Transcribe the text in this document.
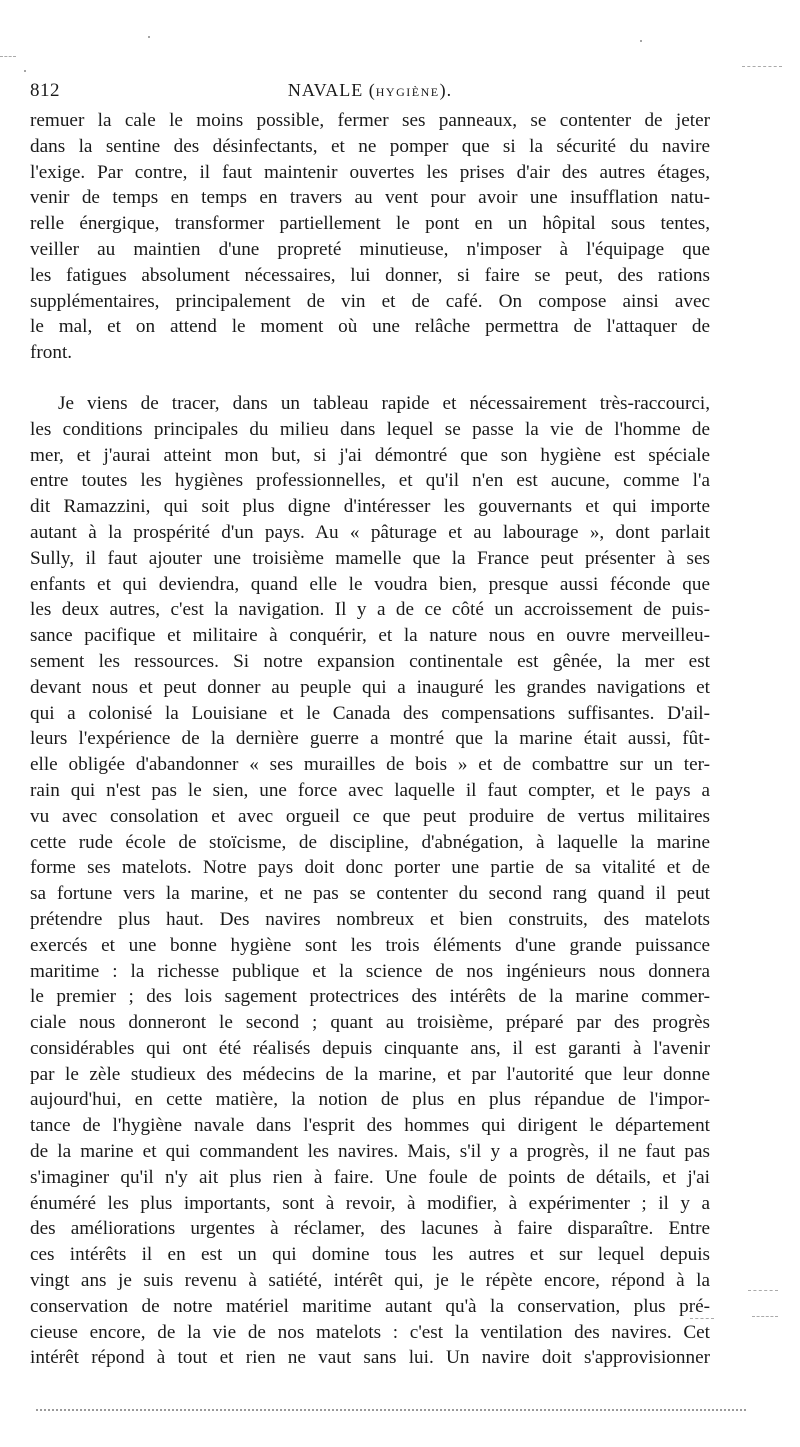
812	NAVALE (HYGIÈNE).
remuer la cale le moins possible, fermer ses panneaux, se contenter de jeter
dans la sentine des désinfectants, et ne pomper que si la sécurité du navire
l'exige. Par contre, il faut maintenir ouvertes les prises d'air des autres étages,
venir de temps en temps en travers au vent pour avoir une insufflation natu-
relle énergique, transformer partiellement le pont en un hôpital sous tentes,
veiller au maintien d'une propreté minutieuse, n'imposer à l'équipage que
les fatigues absolument nécessaires, lui donner, si faire se peut, des rations
supplémentaires, principalement de vin et de café. On compose ainsi avec
le mal, et on attend le moment où une relâche permettra de l'attaquer de
front.
Je viens de tracer, dans un tableau rapide et nécessairement très-raccourci,
les conditions principales du milieu dans lequel se passe la vie de l'homme de
mer, et j'aurai atteint mon but, si j'ai démontré que son hygiène est spéciale
entre toutes les hygiènes professionnelles, et qu'il n'en est aucune, comme l'a
dit Ramazzini, qui soit plus digne d'intéresser les gouvernants et qui importe
autant à la prospérité d'un pays. Au « pâturage et au labourage », dont parlait
Sully, il faut ajouter une troisième mamelle que la France peut présenter à ses
enfants et qui deviendra, quand elle le voudra bien, presque aussi féconde que
les deux autres, c'est la navigation. Il y a de ce côté un accroissement de puis-
sance pacifique et militaire à conquérir, et la nature nous en ouvre merveilleu-
sement les ressources. Si notre expansion continentale est gênée, la mer est
devant nous et peut donner au peuple qui a inauguré les grandes navigations et
qui a colonisé la Louisiane et le Canada des compensations suffisantes. D'ail-
leurs l'expérience de la dernière guerre a montré que la marine était aussi, fût-
elle obligée d'abandonner « ses murailles de bois » et de combattre sur un ter-
rain qui n'est pas le sien, une force avec laquelle il faut compter, et le pays a
vu avec consolation et avec orgueil ce que peut produire de vertus militaires
cette rude école de stoïcisme, de discipline, d'abnégation, à laquelle la marine
forme ses matelots. Notre pays doit donc porter une partie de sa vitalité et de
sa fortune vers la marine, et ne pas se contenter du second rang quand il peut
prétendre plus haut. Des navires nombreux et bien construits, des matelots
exercés et une bonne hygiène sont les trois éléments d'une grande puissance
maritime : la richesse publique et la science de nos ingénieurs nous donnera
le premier ; des lois sagement protectrices des intérêts de la marine commer-
ciale nous donneront le second ; quant au troisième, préparé par des progrès
considérables qui ont été réalisés depuis cinquante ans, il est garanti à l'avenir
par le zèle studieux des médecins de la marine, et par l'autorité que leur donne
aujourd'hui, en cette matière, la notion de plus en plus répandue de l'impor-
tance de l'hygiène navale dans l'esprit des hommes qui dirigent le département
de la marine et qui commandent les navires. Mais, s'il y a progrès, il ne faut pas
s'imaginer qu'il n'y ait plus rien à faire. Une foule de points de détails, et j'ai
énuméré les plus importants, sont à revoir, à modifier, à expérimenter ; il y a
des améliorations urgentes à réclamer, des lacunes à faire disparaître. Entre
ces intérêts il en est un qui domine tous les autres et sur lequel depuis
vingt ans je suis revenu à satiété, intérêt qui, je le répète encore, répond à la
conservation de notre matériel maritime autant qu'à la conservation, plus pré-
cieuse encore, de la vie de nos matelots : c'est la ventilation des navires. Cet
intérêt répond à tout et rien ne vaut sans lui. Un navire doit s'approvisionner
